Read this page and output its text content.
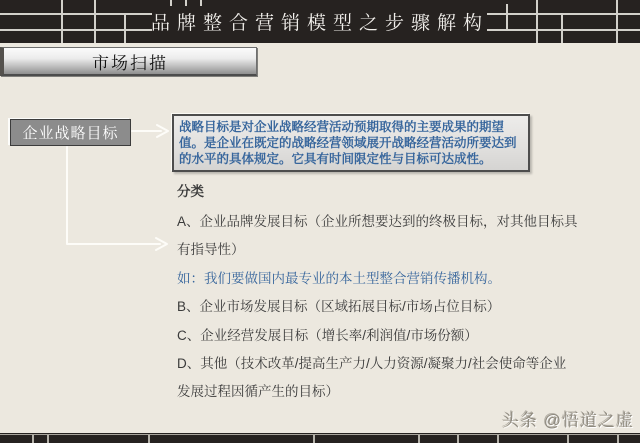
品牌整合营销模型之步骤解构
市场扫描
企业战略目标	战略目标是对企业战略经营活动预期取得的主要成果的期望值。是企业在既定的战略经营领域展开战略经营活动所要达到的水平的具体规定。它具有时间限定性与目标可达成性。
分类
A、企业品牌发展目标（企业所想要达到的终极目标，对其他目标具
有指导性）
如：我们要做国内最专业的本土型整合营销传播机构。
B、企业市场发展目标（区域拓展目标/市场占位目标）
C、企业经营发展目标（增长率/利润值/市场份额）
D、其他（技术改革/提高生产力/人力资源/凝聚力/社会使命等企业
发展过程因循产生的目标）
头条 @悟道之虚
